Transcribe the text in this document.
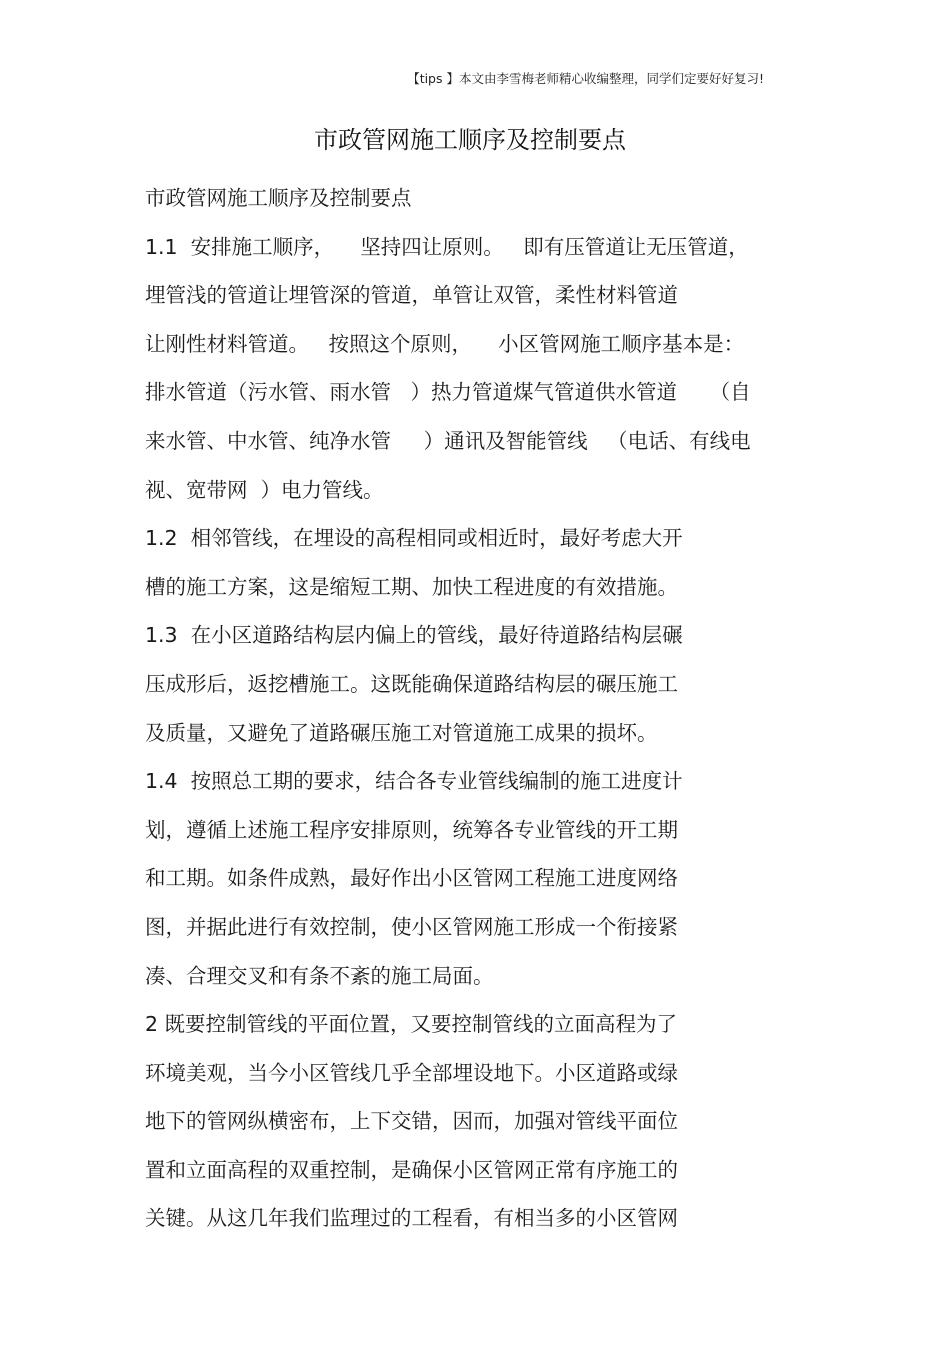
【tips 】本文由李雪梅老师精心收编整理，同学们定要好好复习!
市政管网施工顺序及控制要点
市政管网施工顺序及控制要点
1.1  安排施工顺序，    坚持四让原则。   即有压管道让无压管道，
埋管浅的管道让埋管深的管道，单管让双管，柔性材料管道
让刚性材料管道。   按照这个原则，    小区管网施工顺序基本是：
排水管道（污水管、雨水管   ）热力管道煤气管道供水管道     （自
来水管、中水管、纯净水管     ）通讯及智能管线   （电话、有线电
视、宽带网  ）电力管线。
1.2  相邻管线，在埋设的高程相同或相近时，最好考虑大开
槽的施工方案，这是缩短工期、加快工程进度的有效措施。
1.3  在小区道路结构层内偏上的管线，最好待道路结构层碾
压成形后，返挖槽施工。这既能确保道路结构层的碾压施工
及质量，又避免了道路碾压施工对管道施工成果的损坏。
1.4  按照总工期的要求，结合各专业管线编制的施工进度计
划，遵循上述施工程序安排原则，统筹各专业管线的开工期
和工期。如条件成熟，最好作出小区管网工程施工进度网络
图，并据此进行有效控制，使小区管网施工形成一个衔接紧
凑、合理交叉和有条不紊的施工局面。
2 既要控制管线的平面位置，又要控制管线的立面高程为了
环境美观，当今小区管线几乎全部埋设地下。小区道路或绿
地下的管网纵横密布，上下交错，因而，加强对管线平面位
置和立面高程的双重控制，是确保小区管网正常有序施工的
关键。从这几年我们监理过的工程看，有相当多的小区管网
